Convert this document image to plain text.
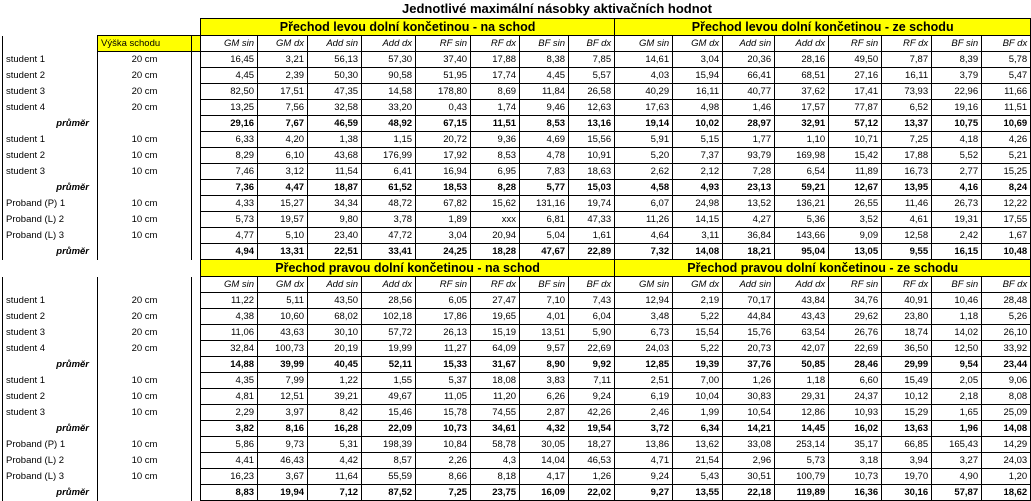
Jednotlivé maximální násobky aktivačních hodnot
			Přechod levou dolní končetinou - na schod								Přechod levou dolní končetinou - ze schodu							
	Výška schodu		GM sin	GM dx	Add sin	Add dx	RF sin	RF dx	BF sin	BF dx	GM sin	GM dx	Add sin	Add dx	RF sin	RF dx	BF sin	BF dx
student 1	20 cm		16,45	3,21	56,13	57,30	37,40	17,88	8,38	7,85	14,61	3,04	20,36	28,16	49,50	7,87	8,39	5,78
student 2	20 cm		4,45	2,39	50,30	90,58	51,95	17,74	4,45	5,57	4,03	15,94	66,41	68,51	27,16	16,11	3,79	5,47
student 3	20 cm		82,50	17,51	47,35	14,58	178,80	8,69	11,84	26,58	40,29	16,11	40,77	37,62	17,41	73,93	22,96	11,66
student 4	20 cm		13,25	7,56	32,58	33,20	0,43	1,74	9,46	12,63	17,63	4,98	1,46	17,57	77,87	6,52	19,16	11,51
průměr			29,16	7,67	46,59	48,92	67,15	11,51	8,53	13,16	19,14	10,02	28,97	32,91	57,12	13,37	10,75	10,69
student 1	10 cm		6,33	4,20	1,38	1,15	20,72	9,36	4,69	15,56	5,91	5,15	1,77	1,10	10,71	7,25	4,18	4,26
student 2	10 cm		8,29	6,10	43,68	176,99	17,92	8,53	4,78	10,91	5,20	7,37	93,79	169,98	15,42	17,88	5,52	5,21
student 3	10 cm		7,46	3,12	11,54	6,41	16,94	6,95	7,83	18,63	2,62	2,12	7,28	6,54	11,89	16,73	2,77	15,25
průměr			7,36	4,47	18,87	61,52	18,53	8,28	5,77	15,03	4,58	4,93	23,13	59,21	12,67	13,95	4,16	8,24
Proband (P) 1	10 cm		4,33	15,27	34,34	48,72	67,82	15,62	131,16	19,74	6,07	24,98	13,52	136,21	26,55	11,46	26,73	12,22
Proband (L) 2	10 cm		5,73	19,57	9,80	3,78	1,89	xxx	6,81	47,33	11,26	14,15	4,27	5,36	3,52	4,61	19,31	17,55
Proband (L) 3	10 cm		4,77	5,10	23,40	47,72	3,04	20,94	5,04	1,61	4,64	3,11	36,84	143,66	9,09	12,58	2,42	1,67
průměr			4,94	13,31	22,51	33,41	24,25	18,28	47,67	22,89	7,32	14,08	18,21	95,04	13,05	9,55	16,15	10,48
			Přechod pravou dolní končetinou - na schod								Přechod pravou dolní končetinou - ze schodu							
			GM sin	GM dx	Add sin	Add dx	RF sin	RF dx	BF sin	BF dx	GM sin	GM dx	Add sin	Add dx	RF sin	RF dx	BF sin	BF dx
student 1	20 cm		11,22	5,11	43,50	28,56	6,05	27,47	7,10	7,43	12,94	2,19	70,17	43,84	34,76	40,91	10,46	28,48
student 2	20 cm		4,38	10,60	68,02	102,18	17,86	19,65	4,01	6,04	3,48	5,22	44,84	43,43	29,62	23,80	1,18	5,26
student 3	20 cm		11,06	43,63	30,10	57,72	26,13	15,19	13,51	5,90	6,73	15,54	15,76	63,54	26,76	18,74	14,02	26,10
student 4	20 cm		32,84	100,73	20,19	19,99	11,27	64,09	9,57	22,69	24,03	5,22	20,73	42,07	22,69	36,50	12,50	33,92
průměr			14,88	39,99	40,45	52,11	15,33	31,67	8,90	9,92	12,85	19,39	37,76	50,85	28,46	29,99	9,54	23,44
student 1	10 cm		4,35	7,99	1,22	1,55	5,37	18,08	3,83	7,11	2,51	7,00	1,26	1,18	6,60	15,49	2,05	9,06
student 2	10 cm		4,81	12,51	39,21	49,67	11,05	11,20	6,26	9,24	6,19	10,04	30,83	29,31	24,37	10,12	2,18	8,08
student 3	10 cm		2,29	3,97	8,42	15,46	15,78	74,55	2,87	42,26	2,46	1,99	10,54	12,86	10,93	15,29	1,65	25,09
průměr			3,82	8,16	16,28	22,09	10,73	34,61	4,32	19,54	3,72	6,34	14,21	14,45	16,02	13,63	1,96	14,08
Proband (P) 1	10 cm		5,86	9,73	5,31	198,39	10,84	58,78	30,05	18,27	13,86	13,62	33,08	253,14	35,17	66,85	165,43	14,29
Proband (L) 2	10 cm		4,41	46,43	4,42	8,57	2,26	4,3	14,04	46,53	4,71	21,54	2,96	5,73	3,18	3,94	3,27	24,03
Proband (L) 3	10 cm		16,23	3,67	11,64	55,59	8,66	8,18	4,17	1,26	9,24	5,43	30,51	100,79	10,73	19,70	4,90	1,20
průměr			8,83	19,94	7,12	87,52	7,25	23,75	16,09	22,02	9,27	13,55	22,18	119,89	16,36	30,16	57,87	18,62
